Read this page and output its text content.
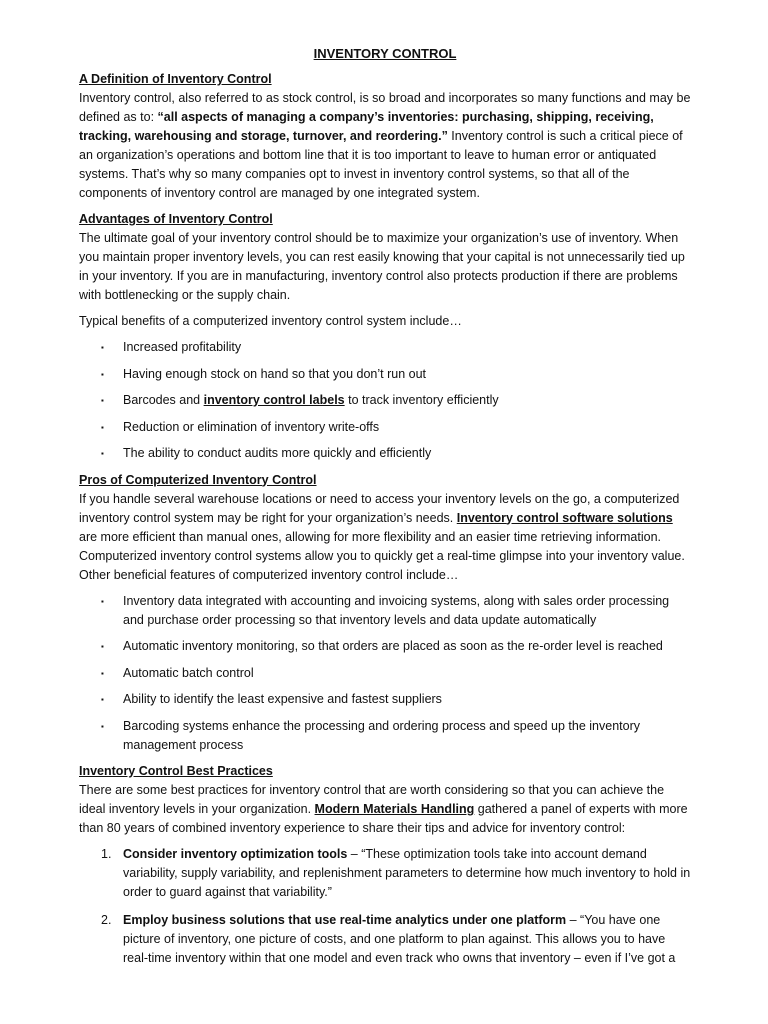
INVENTORY CONTROL
A Definition of Inventory Control

Inventory control, also referred to as stock control, is so broad and incorporates so many functions and may be defined as to: “all aspects of managing a company’s inventories: purchasing, shipping, receiving, tracking, warehousing and storage, turnover, and reordering.” Inventory control is such a critical piece of an organization’s operations and bottom line that it is too important to leave to human error or antiquated systems. That’s why so many companies opt to invest in inventory control systems, so that all of the components of inventory control are managed by one integrated system.

Advantages of Inventory Control

The ultimate goal of your inventory control should be to maximize your organization’s use of inventory. When you maintain proper inventory levels, you can rest easily knowing that your capital is not unnecessarily tied up in your inventory. If you are in manufacturing, inventory control also protects production if there are problems with bottlenecking or the supply chain.

Typical benefits of a computerized inventory control system include…

▪ Increased profitability
▪ Having enough stock on hand so that you don’t run out
▪ Barcodes and inventory control labels to track inventory efficiently
▪ Reduction or elimination of inventory write-offs
▪ The ability to conduct audits more quickly and efficiently
Pros of Computerized Inventory Control

If you handle several warehouse locations or need to access your inventory levels on the go, a computerized inventory control system may be right for your organization’s needs. Inventory control software solutions are more efficient than manual ones, allowing for more flexibility and an easier time retrieving information. Computerized inventory control systems allow you to quickly get a real-time glimpse into your inventory value. Other beneficial features of computerized inventory control include…

▪ Inventory data integrated with accounting and invoicing systems, along with sales order processing and purchase order processing so that inventory levels and data update automatically
▪ Automatic inventory monitoring, so that orders are placed as soon as the re-order level is reached
▪ Automatic batch control
▪ Ability to identify the least expensive and fastest suppliers
▪ Barcoding systems enhance the processing and ordering process and speed up the inventory management process
Inventory Control Best Practices

There are some best practices for inventory control that are worth considering so that you can achieve the ideal inventory levels in your organization. Modern Materials Handling gathered a panel of experts with more than 80 years of combined inventory experience to share their tips and advice for inventory control:

1. Consider inventory optimization tools – “These optimization tools take into account demand variability, supply variability, and replenishment parameters to determine how much inventory to hold in order to guard against that variability.”
2. Employ business solutions that use real-time analytics under one platform – “You have one picture of inventory, one picture of costs, and one platform to plan against. This allows you to have real-time inventory within that one model and even track who owns that inventory – even if I’ve got a
